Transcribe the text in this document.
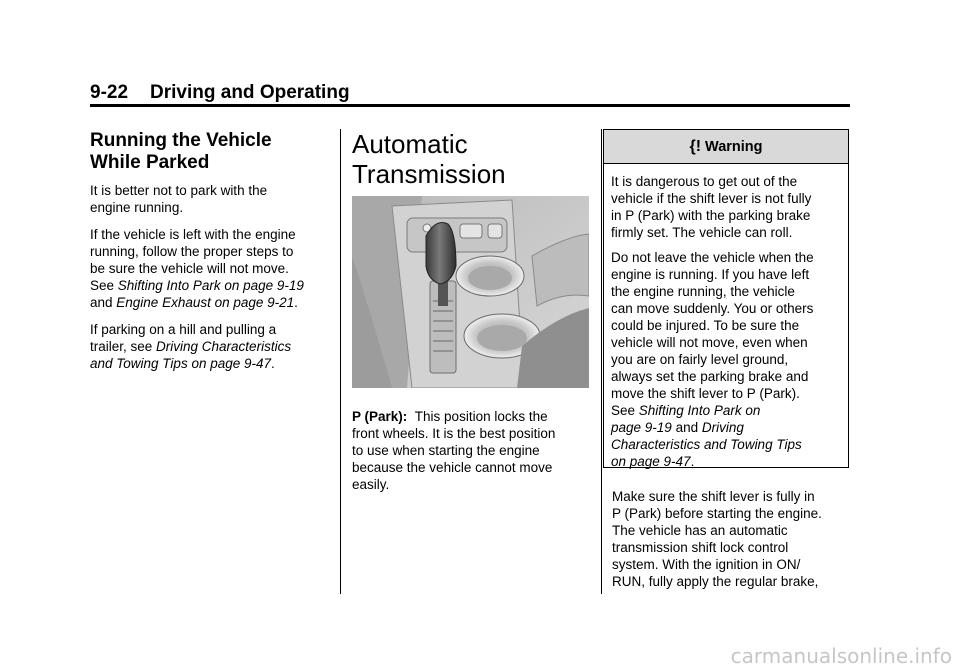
9-22 Driving and Operating
Running the Vehicle
While Parked

It is better not to park with the
engine running.

If the vehicle is left with the engine
running, follow the proper steps to
be sure the vehicle will not move.
See Shifting Into Park on page 9-19
and Engine Exhaust on page 9-21.

If parking on a hill and pulling a
trailer, see Driving Characteristics
and Towing Tips on page 9-47.

Automatic
Transmission

P (Park): This position locks the
front wheels. It is the best position
to use when starting the engine
because the vehicle cannot move
easily.

{! Warning

It is dangerous to get out of the
vehicle if the shift lever is not fully
in P (Park) with the parking brake
firmly set. The vehicle can roll.

Do not leave the vehicle when the
engine is running. If you have left
the engine running, the vehicle
can move suddenly. You or others
could be injured. To be sure the
vehicle will not move, even when
you are on fairly level ground,
always set the parking brake and
move the shift lever to P (Park).
See Shifting Into Park on
page 9-19 and Driving
Characteristics and Towing Tips
on page 9-47.

Make sure the shift lever is fully in
P (Park) before starting the engine.
The vehicle has an automatic
transmission shift lock control
system. With the ignition in ON/
RUN, fully apply the regular brake,

carmanualsonline.info
